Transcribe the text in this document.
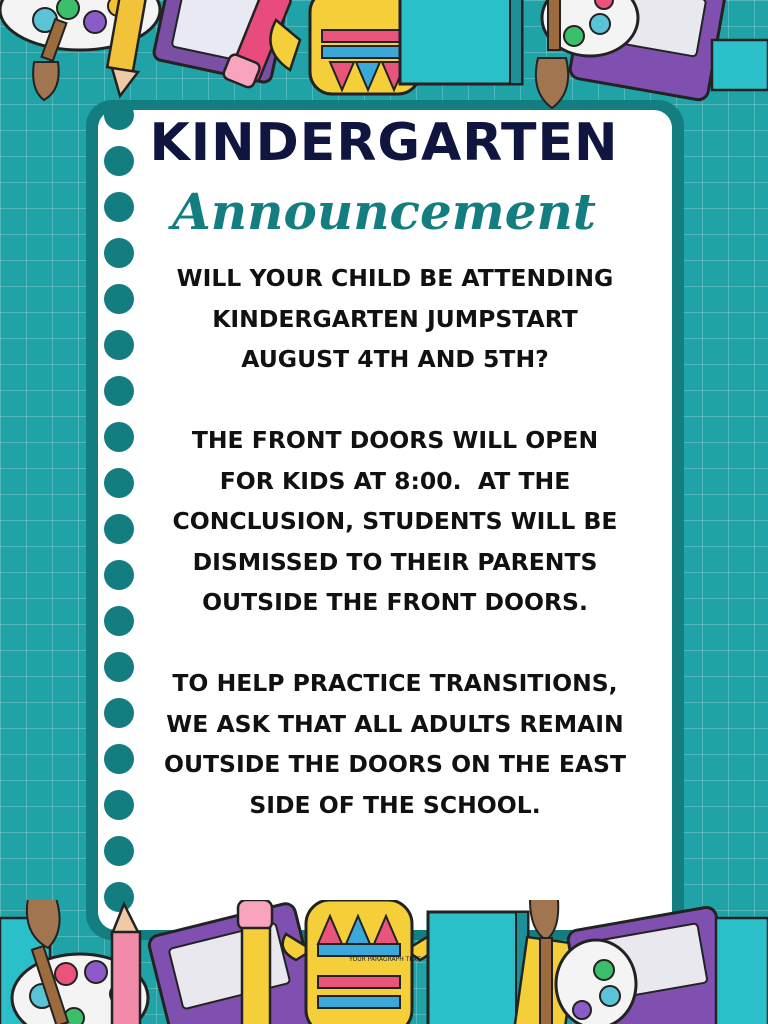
KINDERGARTEN
Announcement
WILL YOUR CHILD BE ATTENDING
KINDERGARTEN JUMPSTART
AUGUST 4TH AND 5TH?
THE FRONT DOORS WILL OPEN
FOR KIDS AT 8:00.  AT THE
CONCLUSION, STUDENTS WILL BE
DISMISSED TO THEIR PARENTS
OUTSIDE THE FRONT DOORS.
TO HELP PRACTICE TRANSITIONS,
WE ASK THAT ALL ADULTS REMAIN
OUTSIDE THE DOORS ON THE EAST
SIDE OF THE SCHOOL.
YOUR PARAGRAPH TEXT
